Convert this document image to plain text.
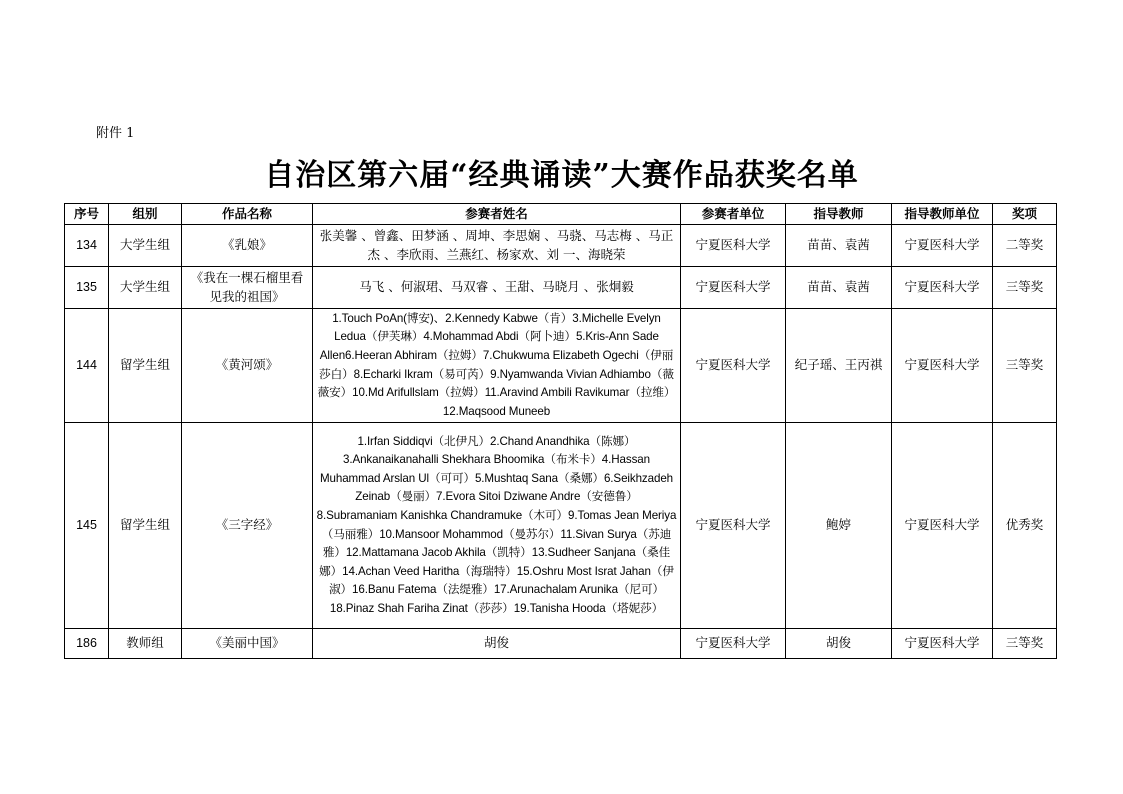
附件 1
自治区第六届“经典诵读”大赛作品获奖名单
序号	组别	作品名称	参赛者姓名	参赛者单位	指导教师	指导教师单位	奖项
134	大学生组	《乳娘》	张美馨 、曾鑫、田梦涵 、周坤、李思娴 、马骁、马志梅 、马正杰 、李欣雨、兰燕红、杨家欢、刘 一、海晓荣	宁夏医科大学	苗苗、袁茜	宁夏医科大学	二等奖
135	大学生组	《我在一棵石榴里看见我的祖国》	马飞 、何淑珺、马双睿 、王甜、马晓月 、张炯毅	宁夏医科大学	苗苗、袁茜	宁夏医科大学	三等奖
144	留学生组	《黄河颂》	1.Touch PoAn(博安)、2.Kennedy Kabwe（肯）3.Michelle Evelyn Ledua（伊芙琳）4.Mohammad Abdi（阿卜迪）5.Kris-Ann Sade Allen6.Heeran Abhiram（拉姆）7.Chukwuma Elizabeth Ogechi（伊丽莎白）8.Echarki Ikram（易可芮）9.Nyamwanda Vivian Adhiambo（薇薇安）10.Md Arifullslam（拉姆）11.Aravind Ambili Ravikumar（拉维）12.Maqsood Muneeb	宁夏医科大学	纪子瑶、王丙祺	宁夏医科大学	三等奖
145	留学生组	《三字经》	1.Irfan Siddiqvi（北伊凡）2.Chand Anandhika（陈娜）3.Ankanaikanahalli Shekhara Bhoomika（布米卡）4.Hassan Muhammad Arslan Ul（可可）5.Mushtaq Sana（桑娜）6.Seikhzadeh Zeinab（曼丽）7.Evora Sitoi Dziwane Andre（安德鲁）8.Subramaniam Kanishka Chandramuke（木可）9.Tomas Jean Meriya（马丽雅）10.Mansoor Mohammod（曼苏尔）11.Sivan Surya（苏迪雅）12.Mattamana Jacob Akhila（凯特）13.Sudheer Sanjana（桑佳娜）14.Achan Veed Haritha（海瑞特）15.Oshru Most Israt Jahan（伊淑）16.Banu Fatema（法缇雅）17.Arunachalam Arunika（尼可）18.Pinaz Shah Fariha Zinat（莎莎）19.Tanisha Hooda（塔妮莎）	宁夏医科大学	鲍婷	宁夏医科大学	优秀奖
186	教师组	《美丽中国》	胡俊	宁夏医科大学	胡俊	宁夏医科大学	三等奖
